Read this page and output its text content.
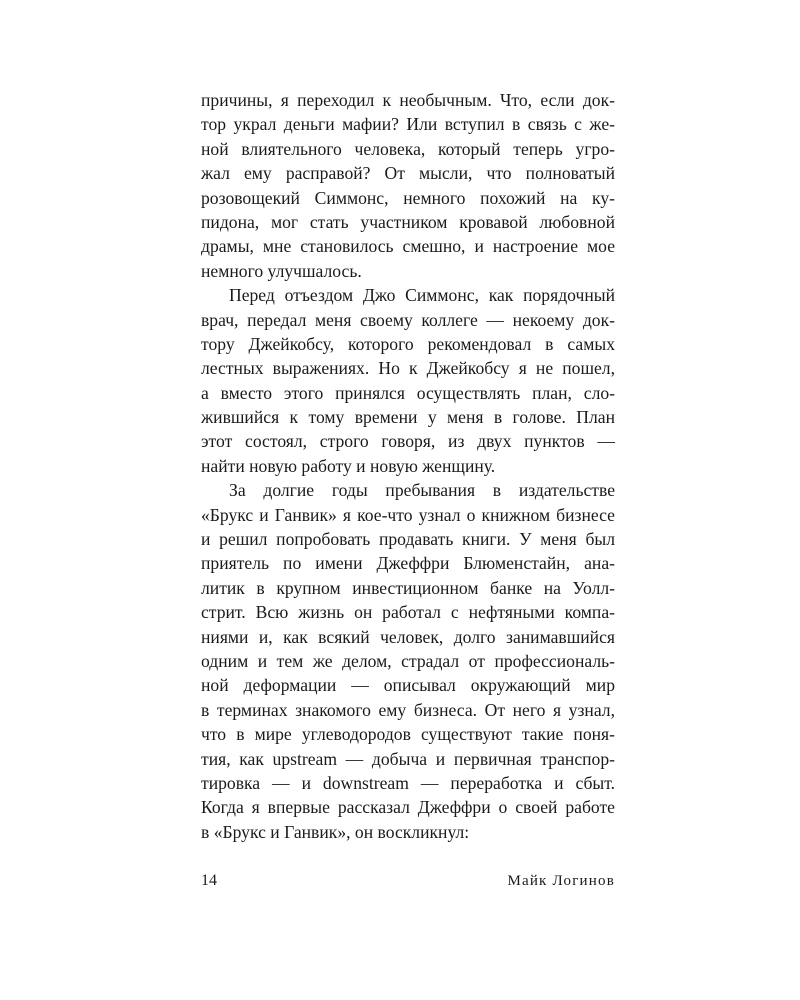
причины, я переходил к необычным. Что, если док-
тор украл деньги мафии? Или вступил в связь с же-
ной влиятельного человека, который теперь угро-
жал ему расправой? От мысли, что полноватый
розовощекий Симмонс, немного похожий на ку-
пидона, мог стать участником кровавой любовной
драмы, мне становилось смешно, и настроение мое
немного улучшалось.
Перед отъездом Джо Симмонс, как порядочный
врач, передал меня своему коллеге — некоему док-
тору Джейкобсу, которого рекомендовал в самых
лестных выражениях. Но к Джейкобсу я не пошел,
а вместо этого принялся осуществлять план, сло-
жившийся к тому времени у меня в голове. План
этот состоял, строго говоря, из двух пунктов —
найти новую работу и новую женщину.
За долгие годы пребывания в издательстве
«Брукс и Ганвик» я кое-что узнал о книжном бизнесе
и решил попробовать продавать книги. У меня был
приятель по имени Джеффри Блюменстайн, ана-
литик в крупном инвестиционном банке на Уолл-
стрит. Всю жизнь он работал с нефтяными компа-
ниями и, как всякий человек, долго занимавшийся
одним и тем же делом, страдал от профессиональ-
ной деформации — описывал окружающий мир
в терминах знакомого ему бизнеса. От него я узнал,
что в мире углеводородов существуют такие поня-
тия, как upstream — добыча и первичная транспор-
тировка — и downstream — переработка и сбыт.
Когда я впервые рассказал Джеффри о своей работе
в «Брукс и Ганвик», он воскликнул:
14	Майк Логинов
